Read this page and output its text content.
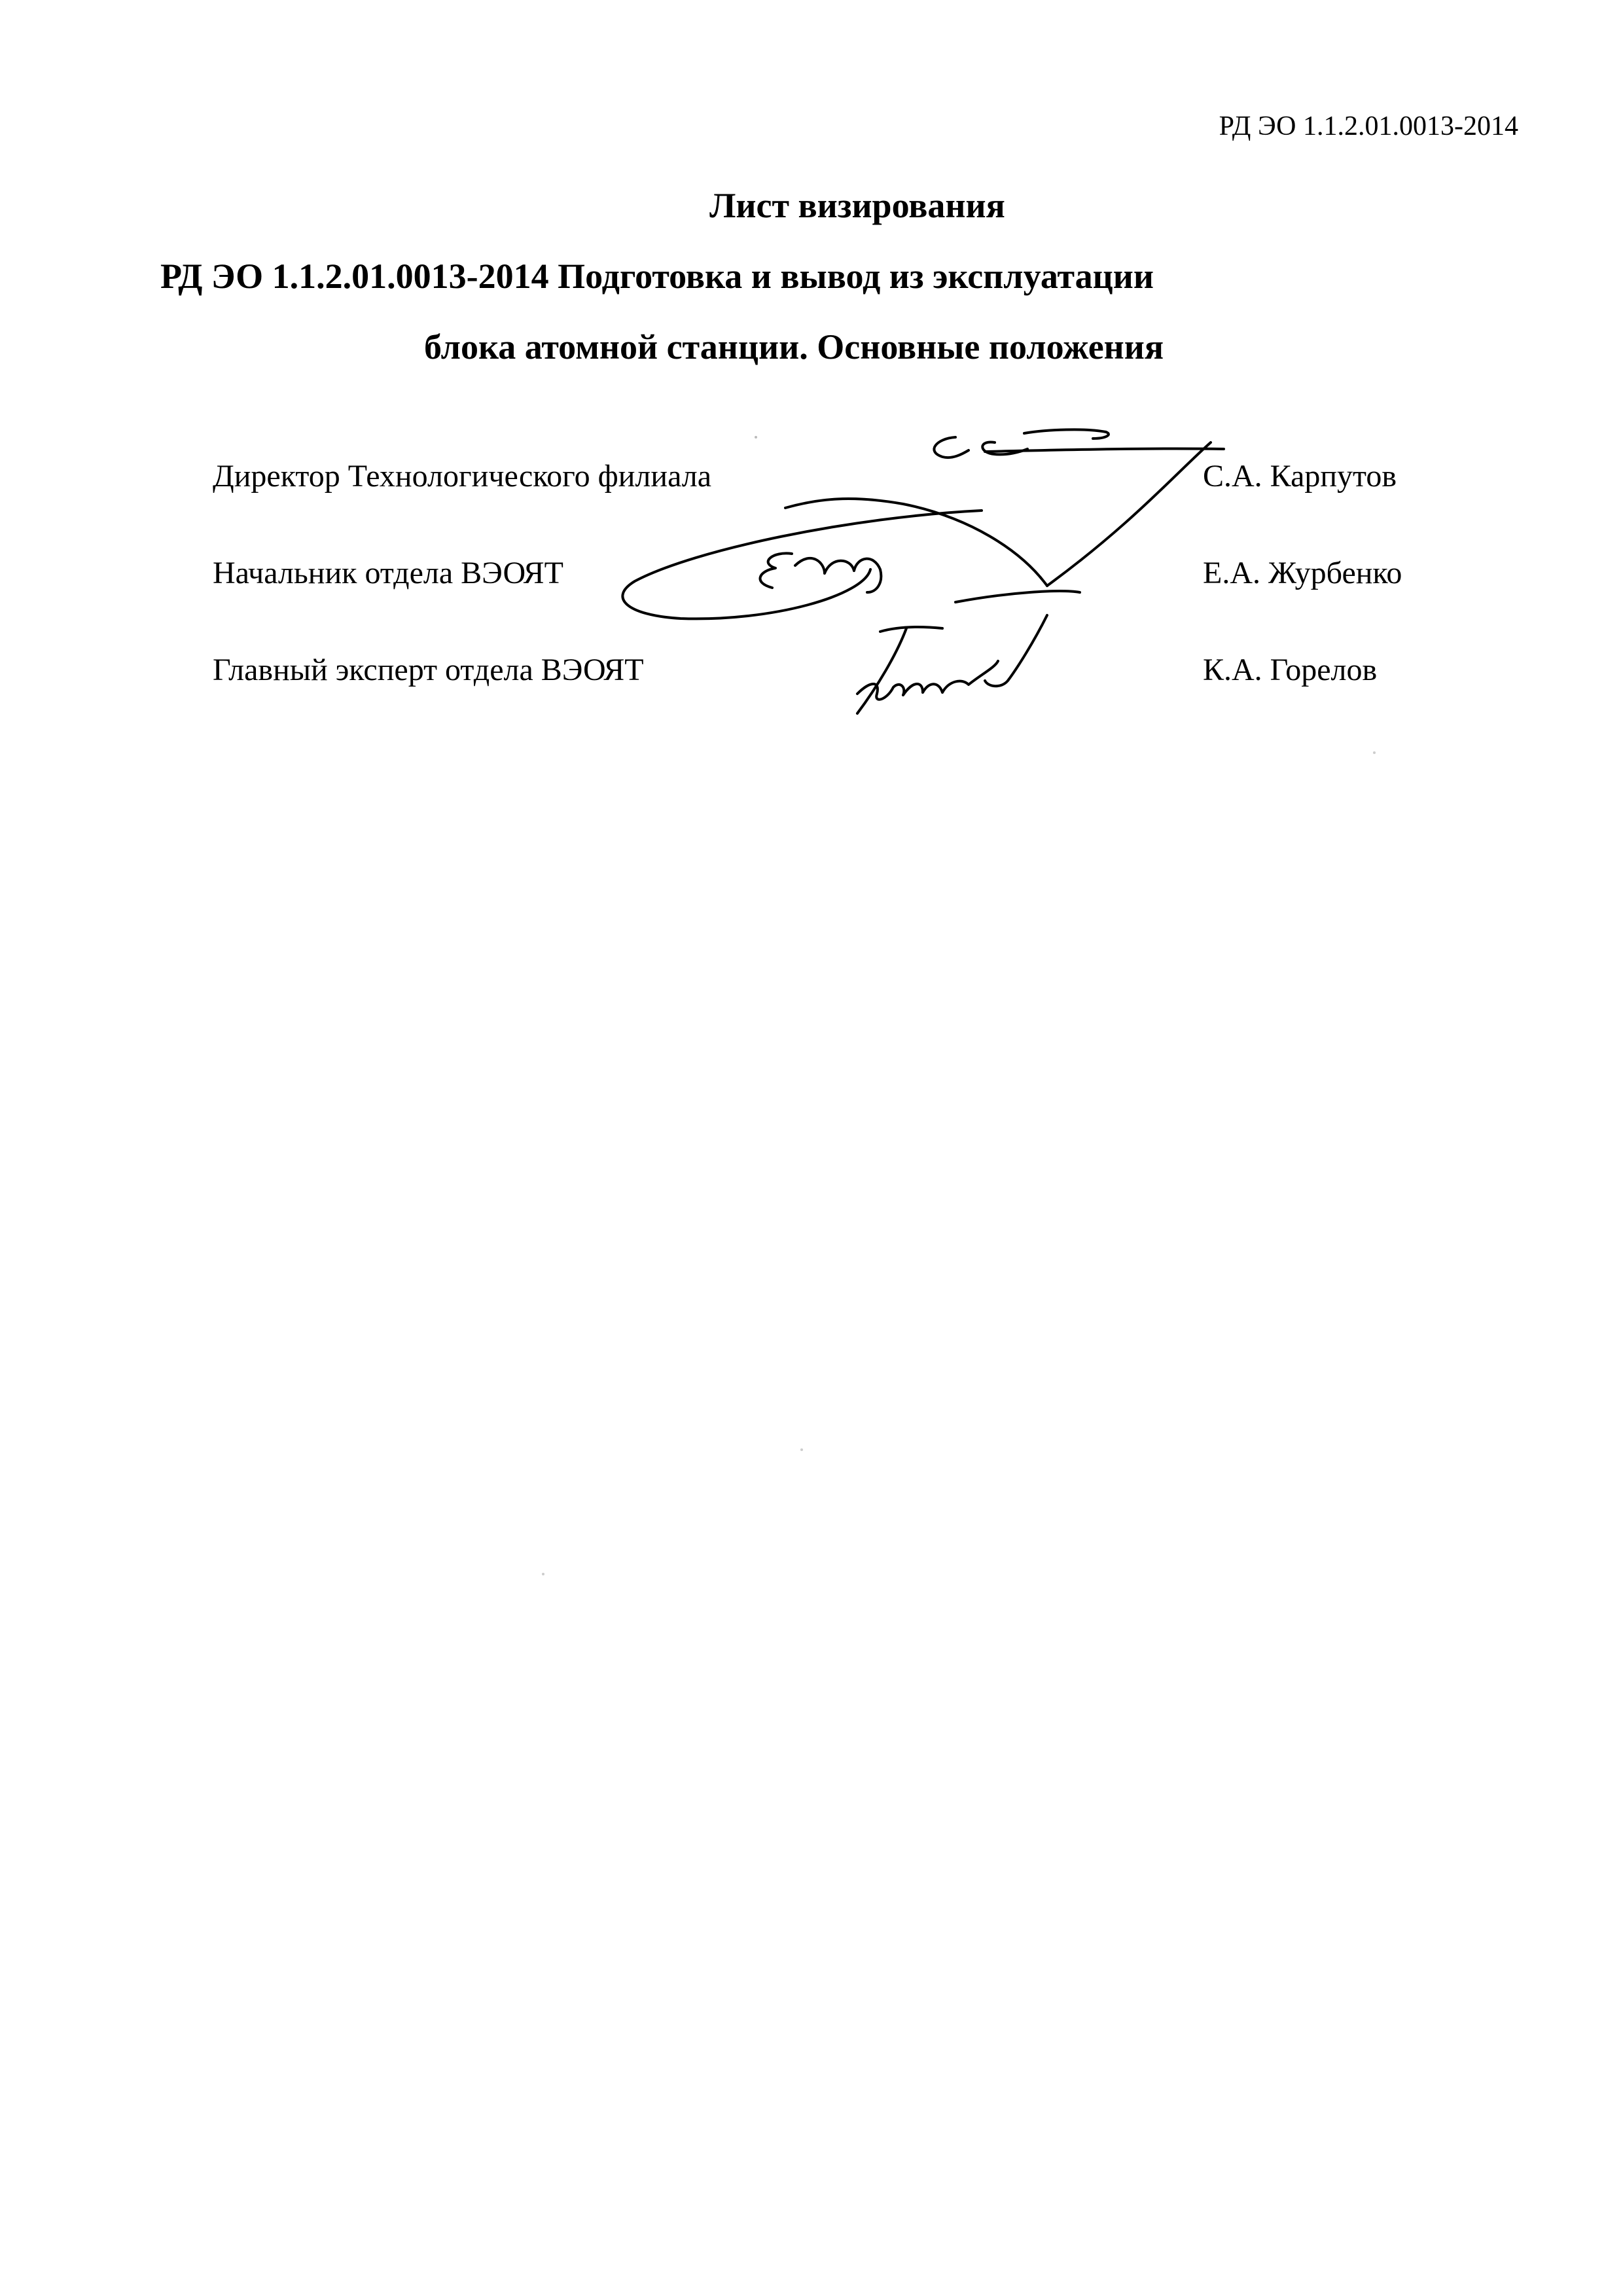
РД ЭО 1.1.2.01.0013-2014
Лист визирования
РД ЭО 1.1.2.01.0013-2014 Подготовка и вывод из эксплуатации
блока атомной станции. Основные положения
Директор Технологического филиала	С.А. Карпутов
Начальник отдела ВЭОЯТ	Е.А. Журбенко
Главный эксперт отдела ВЭОЯТ	К.А. Горелов
